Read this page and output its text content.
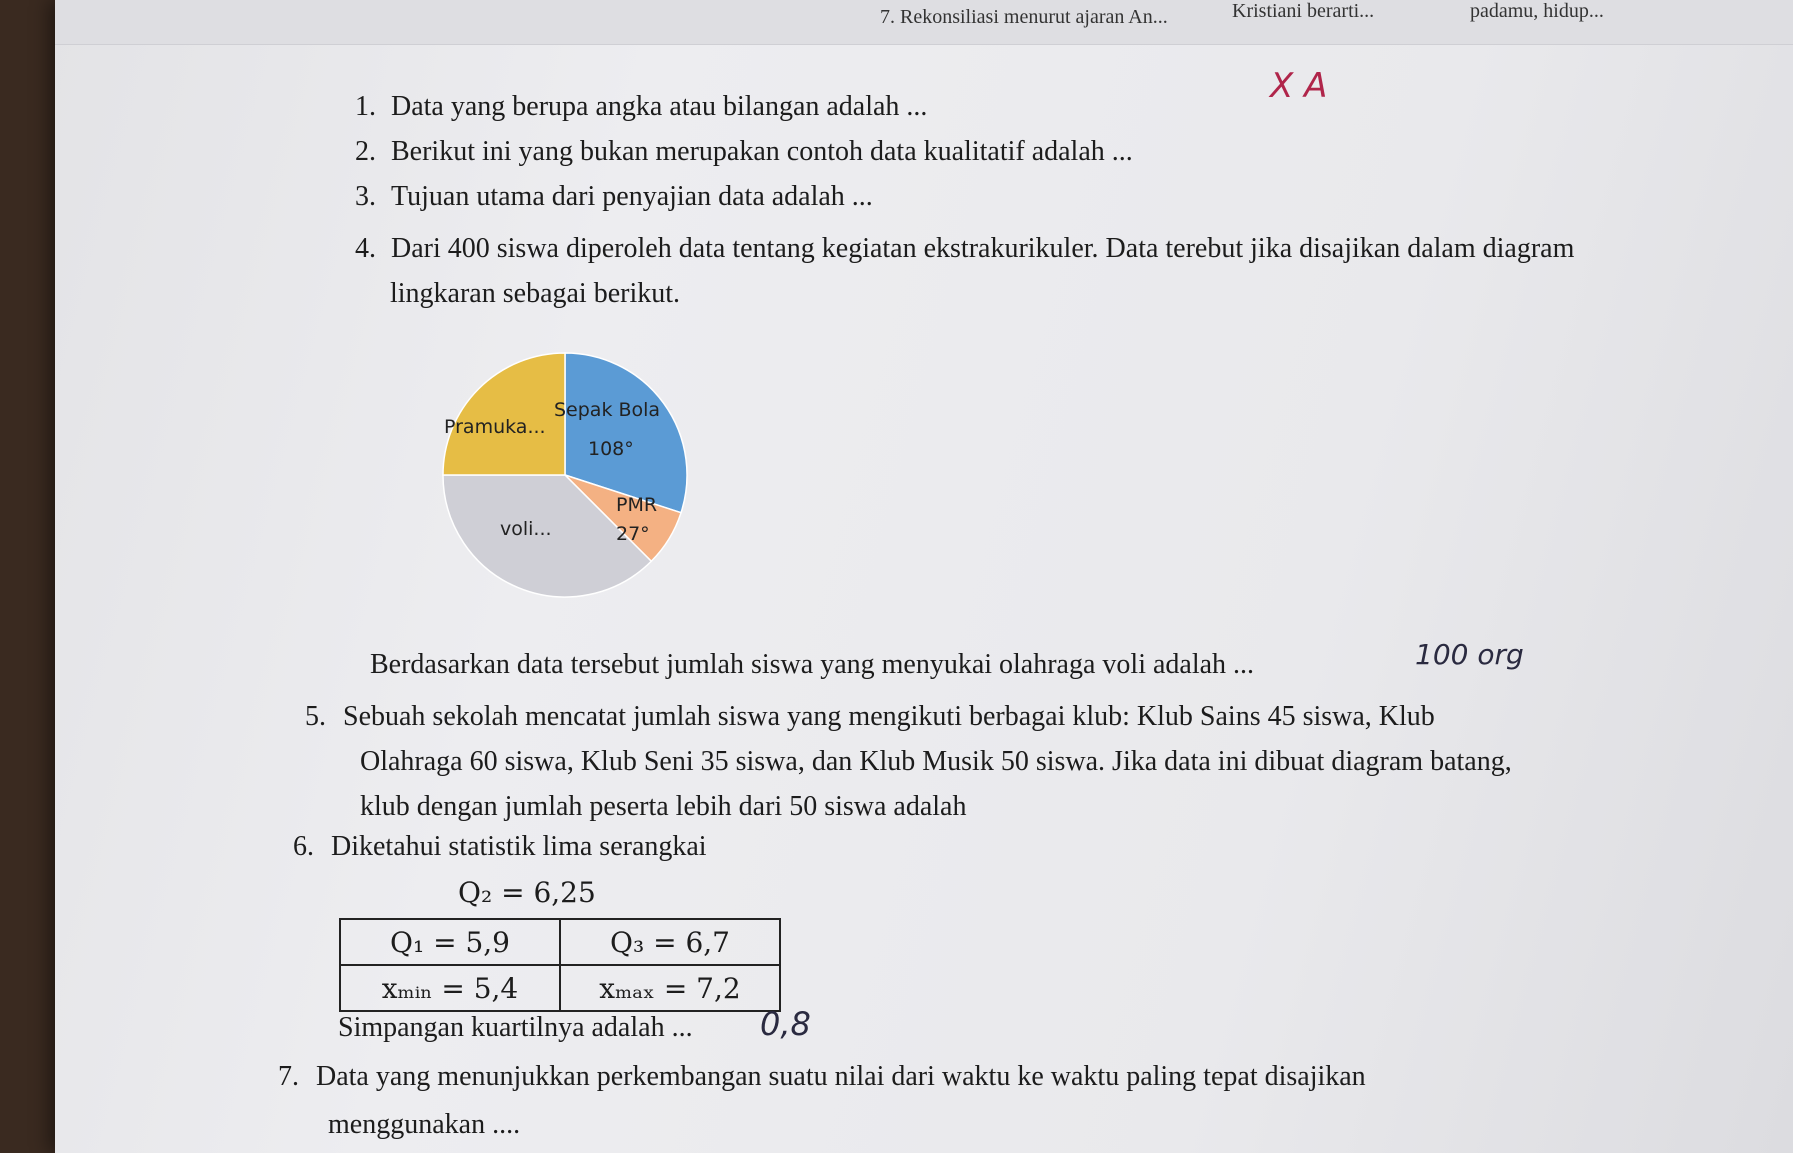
7. Rekonsiliasi menurut ajaran An...	Kristiani berarti...	padamu, hidup...
X A
1. Data yang berupa angka atau bilangan adalah ...
2. Berikut ini yang bukan merupakan contoh data kualitatif adalah ...
3. Tujuan utama dari penyajian data adalah ...
4. Dari 400 siswa diperoleh data tentang kegiatan ekstrakurikuler. Data terebut jika disajikan dalam diagram
lingkaran sebagai berikut.
Pramuka...
Sepak Bola
108°
PMR
27°
voli...
Berdasarkan data tersebut jumlah siswa yang menyukai olahraga voli adalah ...	100 org
5. Sebuah sekolah mencatat jumlah siswa yang mengikuti berbagai klub: Klub Sains 45 siswa, Klub
Olahraga 60 siswa, Klub Seni 35 siswa, dan Klub Musik 50 siswa. Jika data ini dibuat diagram batang,
klub dengan jumlah peserta lebih dari 50 siswa adalah
6. Diketahui statistik lima serangkai
Q₂ = 6,25
Q₁ = 5,9	Q₃ = 6,7
xₘᵢₙ = 5,4	xₘₐₓ = 7,2
Simpangan kuartilnya adalah ... 0,8
7. Data yang menunjukkan perkembangan suatu nilai dari waktu ke waktu paling tepat disajikan
menggunakan ....
